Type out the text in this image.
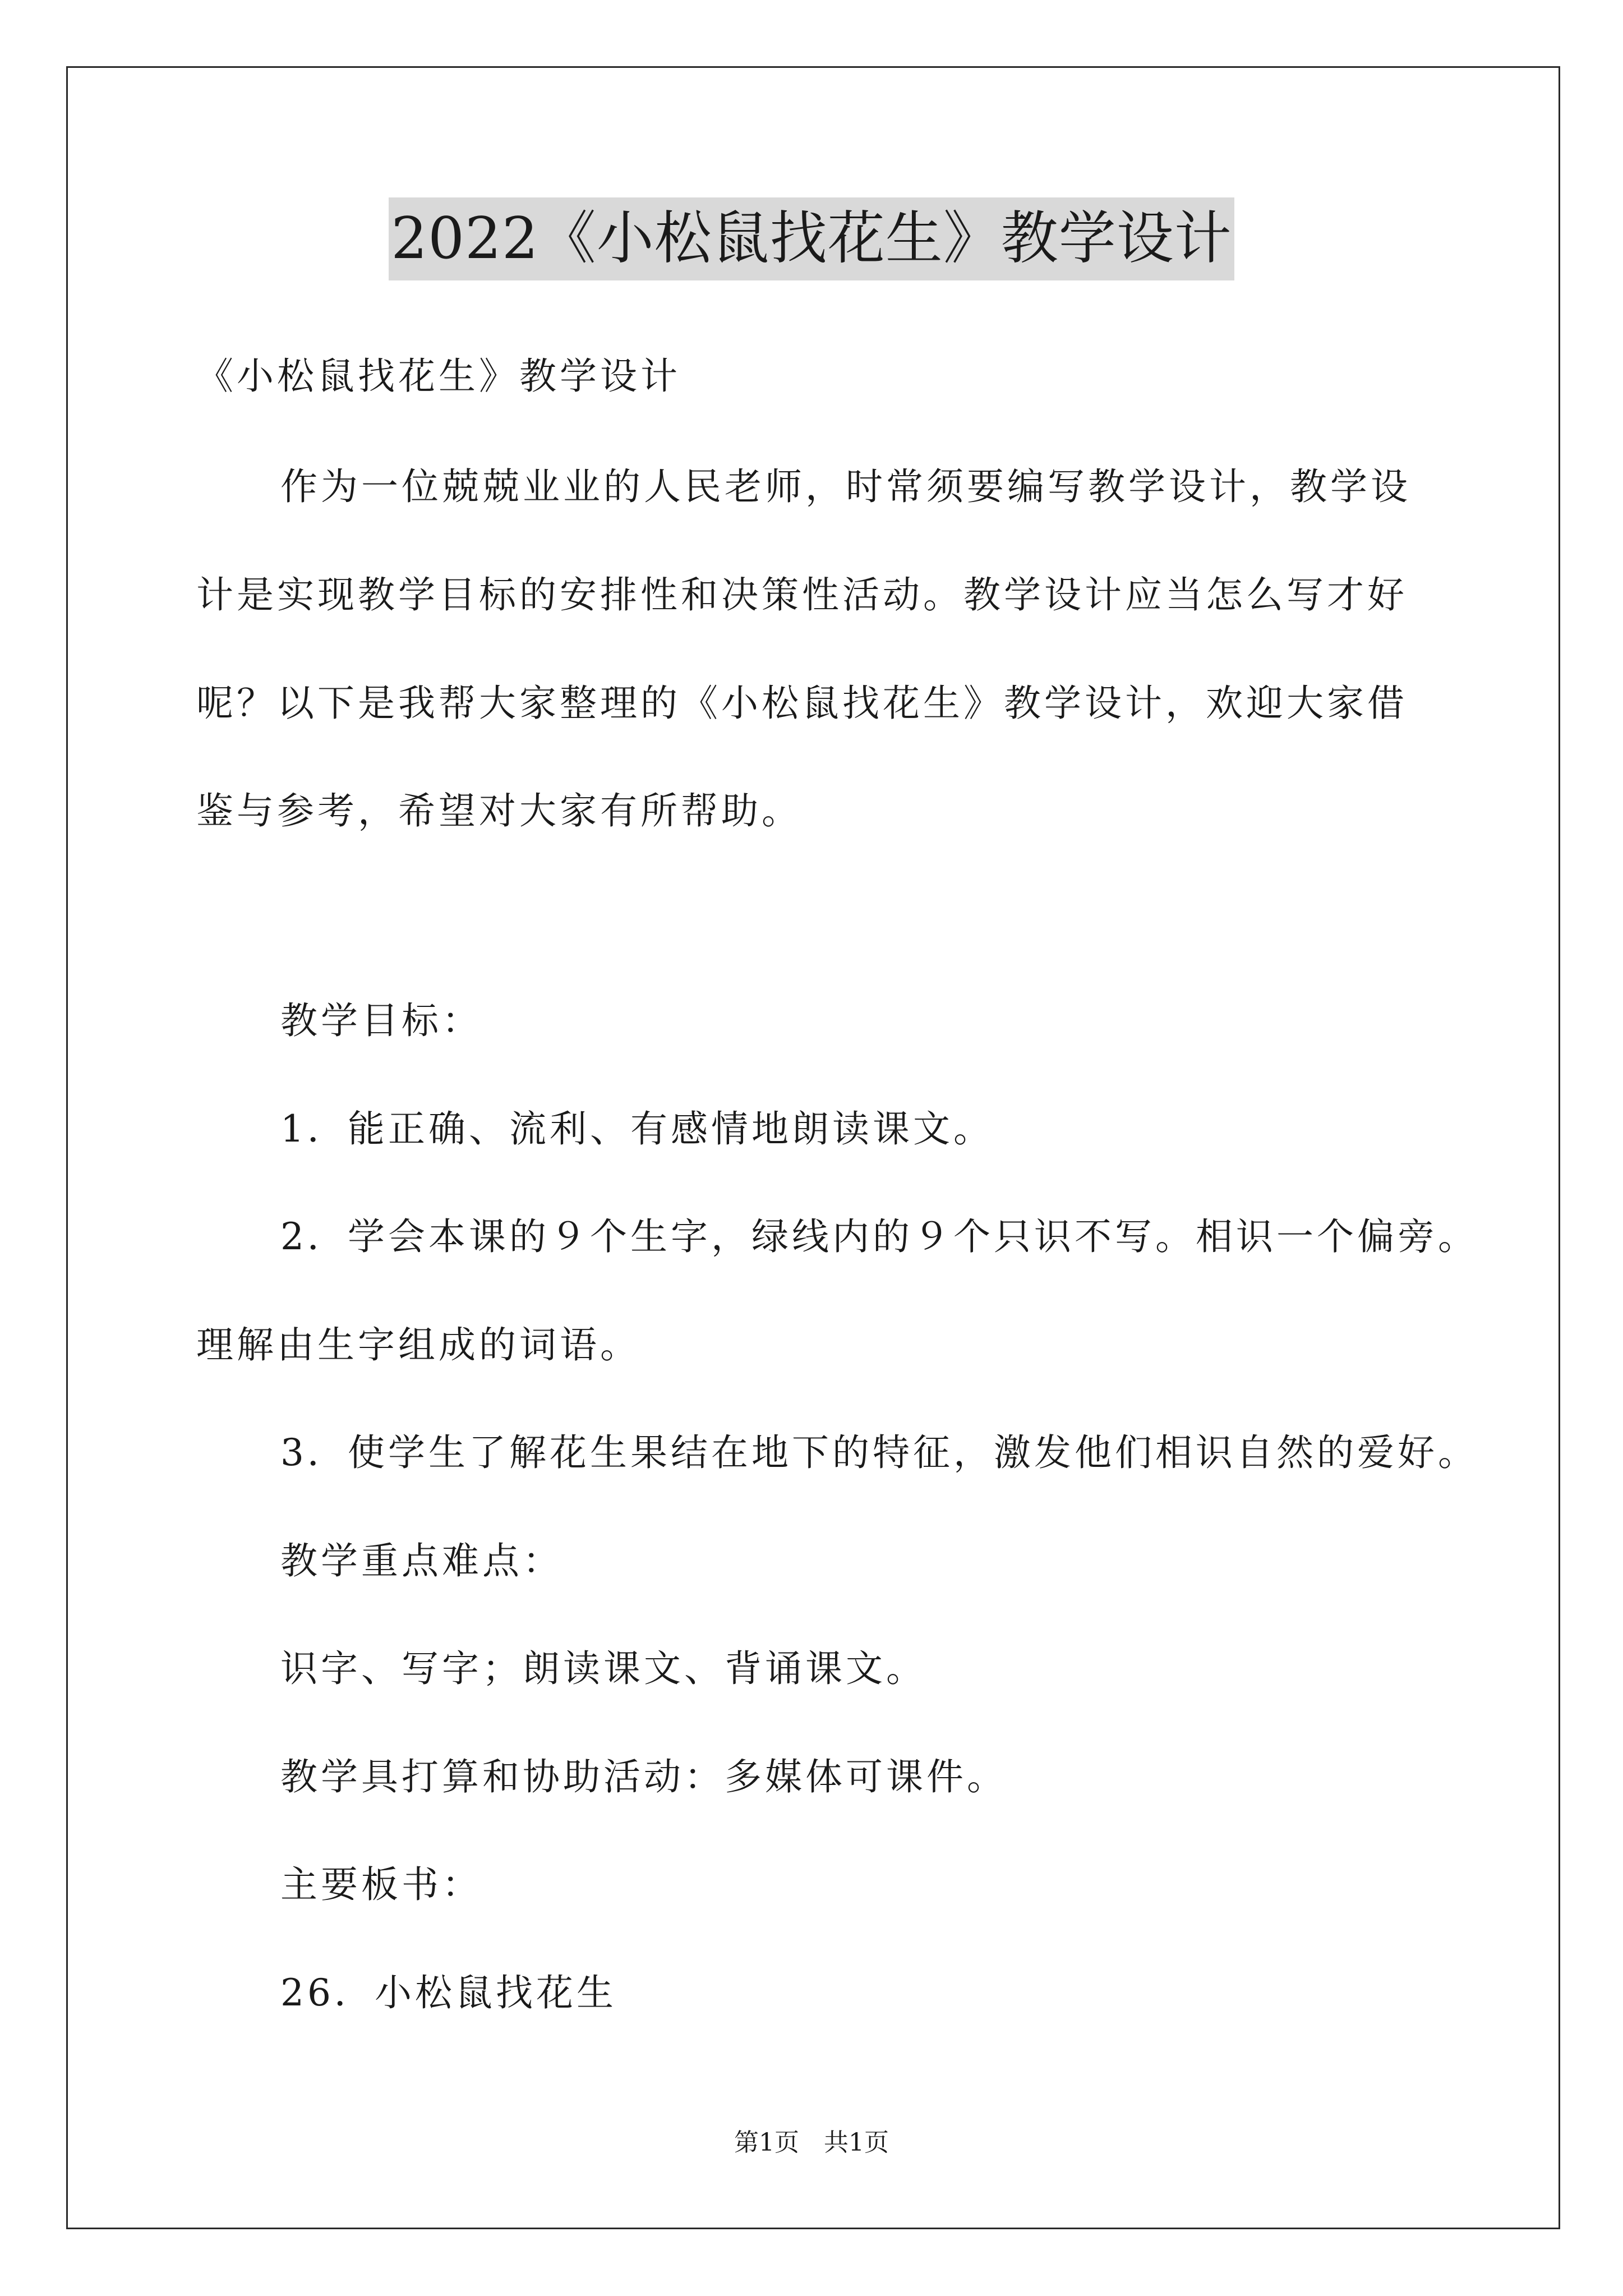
2022《小松鼠找花生》教学设计
《小松鼠找花生》教学设计
作为一位兢兢业业的人民老师，时常须要编写教学设计，教学设
计是实现教学目标的安排性和决策性活动。教学设计应当怎么写才好
呢？以下是我帮大家整理的《小松鼠找花生》教学设计，欢迎大家借
鉴与参考，希望对大家有所帮助。
教学目标：
1．能正确、流利、有感情地朗读课文。
2．学会本课的９个生字，绿线内的９个只识不写。相识一个偏旁。
理解由生字组成的词语。
3．使学生了解花生果结在地下的特征，激发他们相识自然的爱好。
教学重点难点：
识字、写字；朗读课文、背诵课文。
教学具打算和协助活动：多媒体可课件。
主要板书：
26．小松鼠找花生
第1页 共1页
